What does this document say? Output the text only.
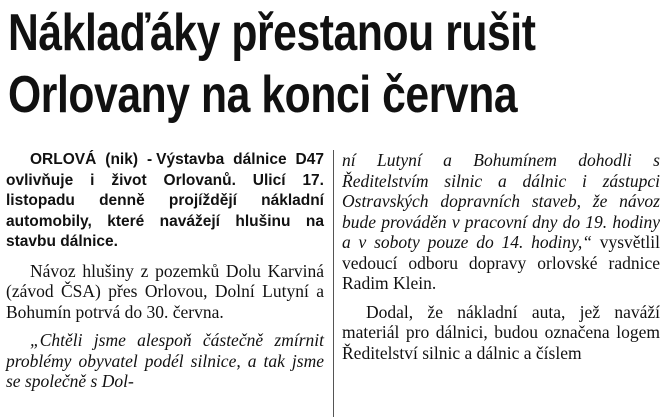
Náklaďáky přestanou rušit
Orlovany na konci června

ORLOVÁ (nik) - Výstavba dálnice D47 ovlivňuje i život Orlovanů. Ulicí 17. listopadu denně projíždějí nákladní automobily, které navážejí hlušinu na stavbu dálnice.

Návoz hlušiny z pozemků Dolu Karviná (závod ČSA) přes Orlovou, Dolní Lutyní a Bohumín potrvá do 30. června.

„Chtěli jsme alespoň částečně zmírnit problémy obyvatel podél silnice, a tak jsme se společně s Dol-

ní Lutyní a Bohumínem dohodli s Ředitelstvím silnic a dálnic i zástupci Ostravských dopravních staveb, že návoz bude prováděn v pracovní dny do 19. hodiny a v soboty pouze do 14. hodiny,“ vysvětlil vedoucí odboru dopravy orlovské radnice Radim Klein.

Dodal, že nákladní auta, jež naváží materiál pro dálnici, budou označena logem Ředitelství silnic a dálnic a číslem
